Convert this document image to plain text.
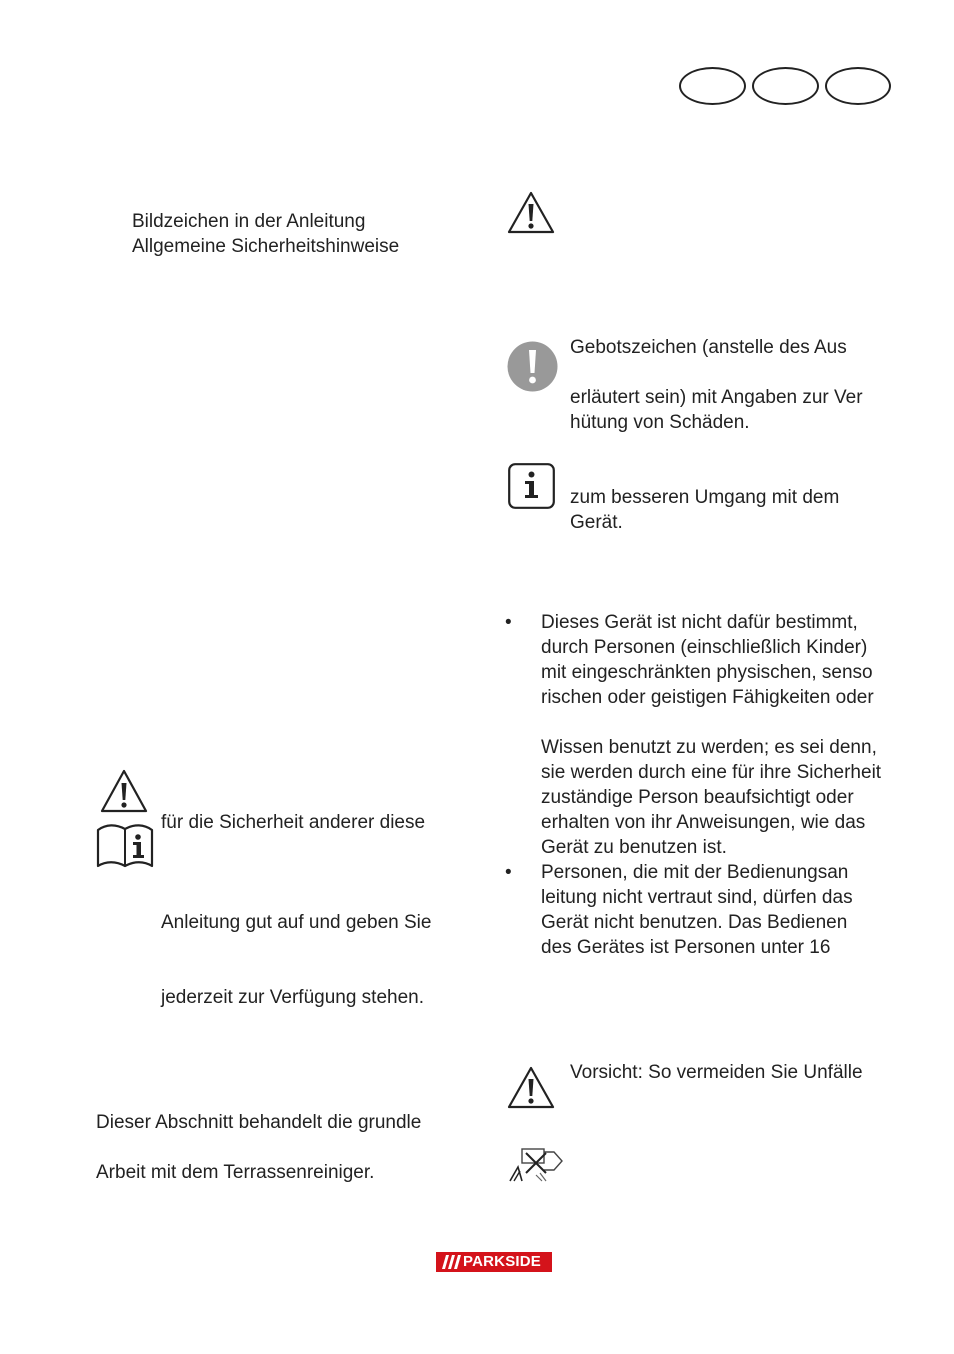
Bildzeichen in der Anleitung
Allgemeine Sicherheitshinweise
Gebotszeichen (anstelle des Aus
erläutert sein) mit Angaben zur Ver
hütung von Schäden.
zum besseren Umgang mit dem
Gerät.
• Dieses Gerät ist nicht dafür bestimmt,
durch Personen (einschließlich Kinder)
mit eingeschränkten physischen, senso
rischen oder geistigen Fähigkeiten oder
Wissen benutzt zu werden; es sei denn,
sie werden durch eine für ihre Sicherheit
zuständige Person beaufsichtigt oder
erhalten von ihr Anweisungen, wie das
Gerät zu benutzen ist.
• Personen, die mit der Bedienungsan
leitung nicht vertraut sind, dürfen das
Gerät nicht benutzen. Das Bedienen
des Gerätes ist Personen unter 16
für die Sicherheit anderer diese
Anleitung gut auf und geben Sie
jederzeit zur Verfügung stehen.
Dieser Abschnitt behandelt die grundle
Arbeit mit dem Terrassenreiniger.
Vorsicht: So vermeiden Sie Unfälle
PARKSIDE
